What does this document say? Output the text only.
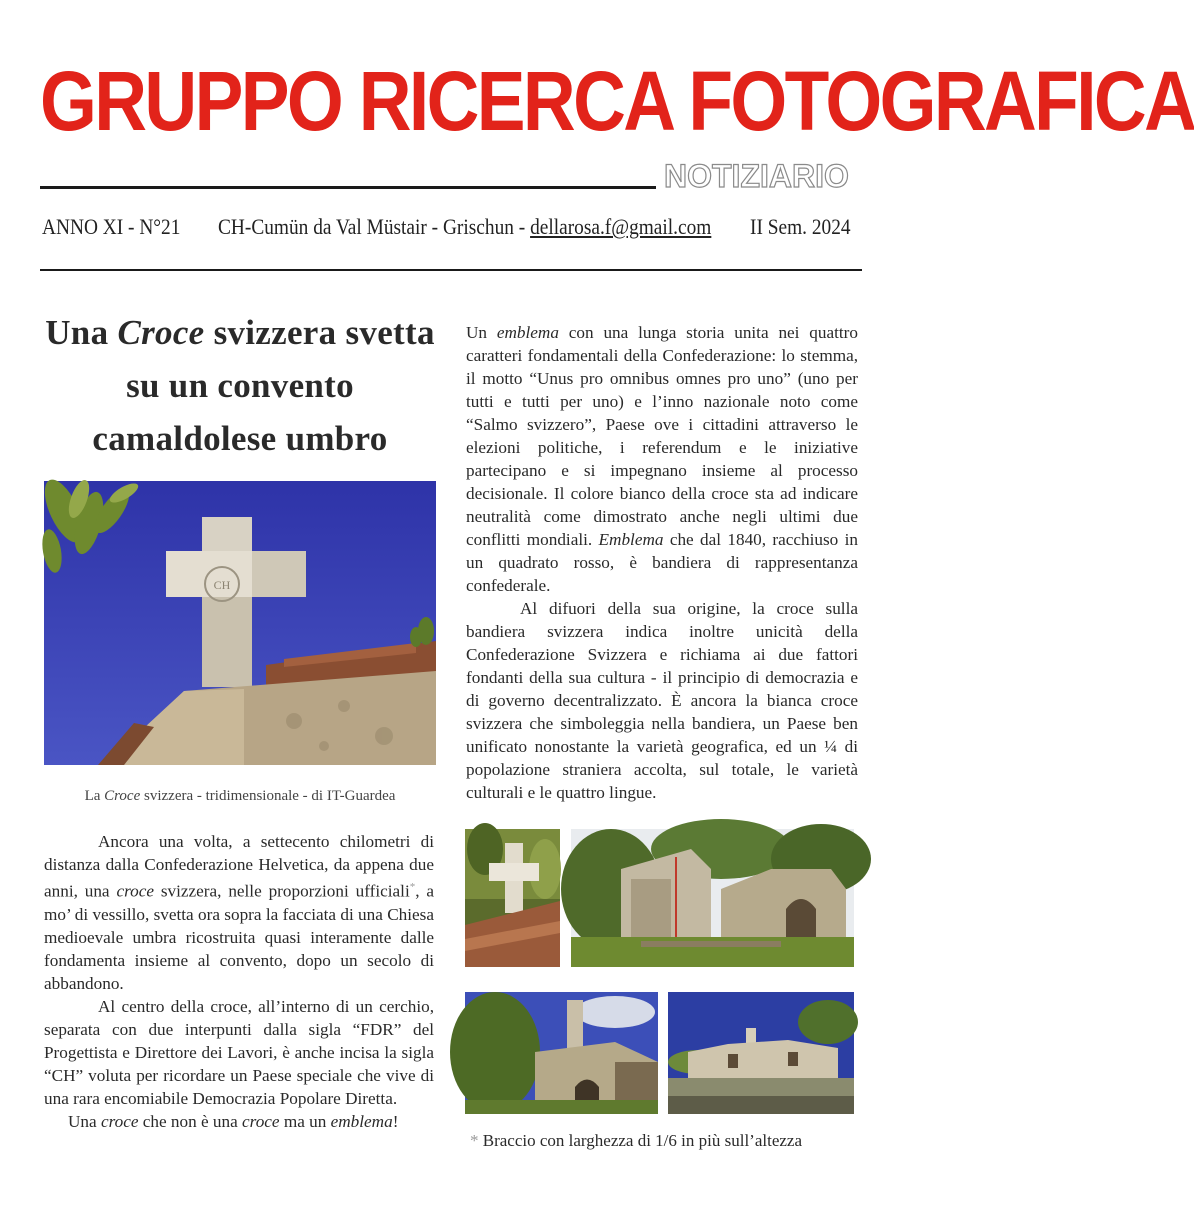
GRUPPO RICERCA FOTOGRAFICA
NOTIZIARIO
ANNO XI - N°21 CH-Cumün da Val Müstair - Grischun - dellarosa.f@gmail.com II Sem. 2024
Una Croce svizzera svetta su un convento camaldolese umbro
CH
La Croce svizzera - tridimensionale - di IT-Guardea

Ancora una volta, a settecento chilometri di distanza dalla Confederazione Helvetica, da appena due anni, una croce svizzera, nelle proporzioni ufficiali*, a mo’ di vessillo, svetta ora sopra la facciata di una Chiesa medioevale umbra ricostruita quasi interamente dalle fondamenta insieme al convento, dopo un secolo di abbandono.

Al centro della croce, all’interno di un cerchio, separata con due interpunti dalla sigla “FDR” del Progettista e Direttore dei Lavori, è anche incisa la sigla “CH” voluta per ricordare un Paese speciale che vive di una rara encomiabile Democrazia Popolare Diretta.

Una croce che non è una croce ma un emblema!

Un emblema con una lunga storia unita nei quattro caratteri fondamentali della Confederazione: lo stemma, il motto “Unus pro omnibus omnes pro uno” (uno per tutti e tutti per uno) e l’inno nazionale noto come “Salmo svizzero”, Paese ove i cittadini attraverso le elezioni politiche, i referendum e le iniziative partecipano e si impegnano insieme al processo decisionale. Il colore bianco della croce sta ad indicare neutralità come dimostrato anche negli ultimi due conflitti mondiali. Emblema che dal 1840, racchiuso in un quadrato rosso, è bandiera di rappresentanza confederale.

Al difuori della sua origine, la croce sulla bandiera svizzera indica inoltre unicità della Confederazione Svizzera e richiama ai due fattori fondanti della sua cultura - il principio di democrazia e di governo decentralizzato. È ancora la bianca croce svizzera che simboleggia nella bandiera, un Paese ben unificato nonostante la varietà geografica, ed un ¼ di popolazione straniera accolta, sul totale, le varietà culturali e le quattro lingue.

* Braccio con larghezza di 1/6 in più sull’altezza
